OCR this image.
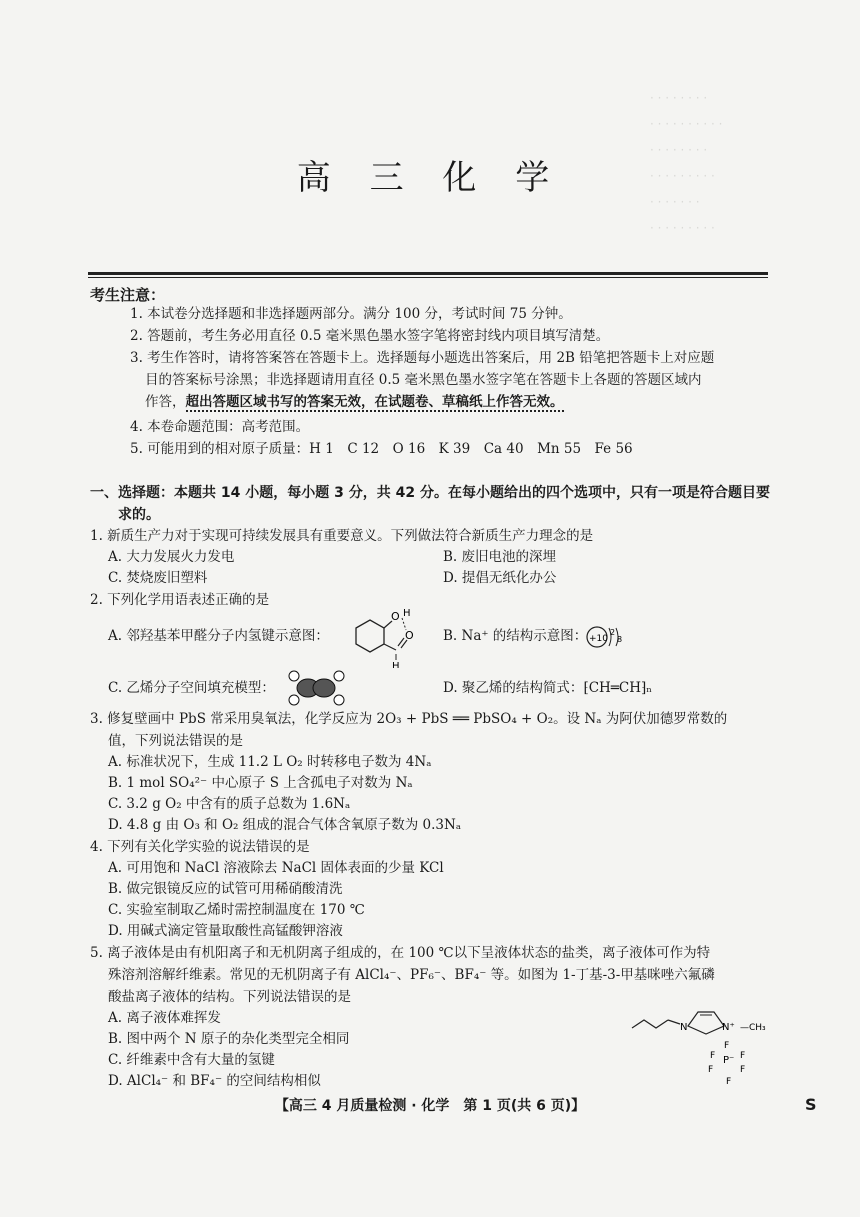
· · · · · · · ·
· · · · · · · · · ·
· · · · · · · ·
· · · · · · · · ·
· · · · · · ·
· · · · · · · · ·
高 三 化 学
考生注意：
1. 本试卷分选择题和非选择题两部分。满分 100 分，考试时间 75 分钟。
2. 答题前，考生务必用直径 0.5 毫米黑色墨水签字笔将密封线内项目填写清楚。
3. 考生作答时，请将答案答在答题卡上。选择题每小题选出答案后，用 2B 铅笔把答题卡上对应题
目的答案标号涂黑；非选择题请用直径 0.5 毫米黑色墨水签字笔在答题卡上各题的答题区域内
作答，超出答题区域书写的答案无效，在试题卷、草稿纸上作答无效。
4. 本卷命题范围：高考范围。
5. 可能用到的相对原子质量：H 1　C 12　O 16　K 39　Ca 40　Mn 55　Fe 56
一、选择题：本题共 14 小题，每小题 3 分，共 42 分。在每小题给出的四个选项中，只有一项是符合题目要
求的。
1. 新质生产力对于实现可持续发展具有重要意义。下列做法符合新质生产力理念的是
A. 大力发展火力发电	B. 废旧电池的深埋
C. 焚烧废旧塑料	D. 提倡无纸化办公
2. 下列化学用语表述正确的是
A. 邻羟基苯甲醛分子内氢键示意图：
O H
O
H
B. Na⁺ 的结构示意图： +10
2
8
C. 乙烯分子空间填充模型：	D. 聚乙烯的结构简式：⁅CH═CH⁆ₙ
3. 修复壁画中 PbS 常采用臭氧法，化学反应为 2O₃ + PbS ══ PbSO₄ + O₂。设 Nₐ 为阿伏加德罗常数的
值，下列说法错误的是
A. 标准状况下，生成 11.2 L O₂ 时转移电子数为 4Nₐ
B. 1 mol SO₄²⁻ 中心原子 S 上含孤电子对数为 Nₐ
C. 3.2 g O₂ 中含有的质子总数为 1.6Nₐ
D. 4.8 g 由 O₃ 和 O₂ 组成的混合气体含氧原子数为 0.3Nₐ
4. 下列有关化学实验的说法错误的是
A. 可用饱和 NaCl 溶液除去 NaCl 固体表面的少量 KCl
B. 做完银镜反应的试管可用稀硝酸清洗
C. 实验室制取乙烯时需控制温度在 170 ℃
D. 用碱式滴定管量取酸性高锰酸钾溶液
5. 离子液体是由有机阳离子和无机阴离子组成的，在 100 ℃以下呈液体状态的盐类，离子液体可作为特
殊溶剂溶解纤维素。常见的无机阴离子有 AlCl₄⁻、PF₆⁻、BF₄⁻ 等。如图为 1-丁基-3-甲基咪唑六氟磷
酸盐离子液体的结构。下列说法错误的是
A. 离子液体难挥发
B. 图中两个 N 原子的杂化类型完全相同
C. 纤维素中含有大量的氢键
D. AlCl₄⁻ 和 BF₄⁻ 的空间结构相似
N	N⁺ —CH₃
P⁻
F
F	F
F	F
F
【高三 4 月质量检测 · 化学　第 1 页(共 6 页)】	S
